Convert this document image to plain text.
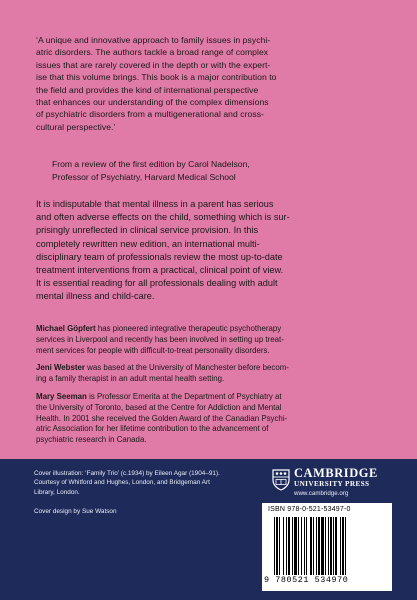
‘A unique and innovative approach to family issues in psychi-
atric disorders. The authors tackle a broad range of complex
issues that are rarely covered in the depth or with the expert-
ise that this volume brings. This book is a major contribution to
the field and provides the kind of international perspective
that enhances our understanding of the complex dimensions
of psychiatric disorders from a multigenerational and cross-
cultural perspective.’
From a review of the first edition by Carol Nadelson,
Professor of Psychiatry, Harvard Medical School
It is indisputable that mental illness in a parent has serious
and often adverse effects on the child, something which is sur-
prisingly unreflected in clinical service provision. In this
completely rewritten new edition, an international multi-
disciplinary team of professionals review the most up-to-date
treatment interventions from a practical, clinical point of view.
It is essential reading for all professionals dealing with adult
mental illness and child-care.
Michael Göpfert has pioneered integrative therapeutic psychotherapy
services in Liverpool and recently has been involved in setting up treat-
ment services for people with difficult-to-treat personality disorders.
Jeni Webster was based at the University of Manchester before becom-
ing a family therapist in an adult mental health setting.
Mary Seeman is Professor Emerita at the Department of Psychiatry at
the University of Toronto, based at the Centre for Addiction and Mental
Health. In 2001 she received the Golden Award of the Canadian Psychi-
atric Association for her lifetime contribution to the advancement of
psychiatric research in Canada.
Cover illustration: ‘Family Trio’ (c.1934) by Eileen Agar (1904–91).
Courtesy of Whitford and Hughes, London, and Bridgeman Art
Library, London.
Cover design by Sue Watson
CAMBRIDGE
UNIVERSITY PRESS
www.cambridge.org
ISBN 978-0-521-53497-0
9 780521 534970
